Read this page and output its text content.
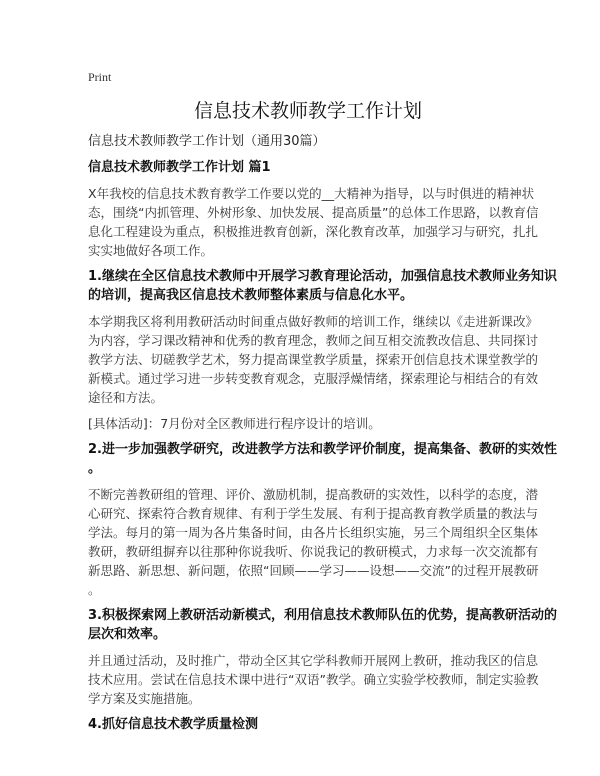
Print
信息技术教师教学工作计划
信息技术教师教学工作计划（通用30篇）
信息技术教师教学工作计划 篇1
X年我校的信息技术教育教学工作要以党的__大精神为指导，以与时俱进的精神状
态，围绕“内抓管理、外树形象、加快发展、提高质量”的总体工作思路，以教育信
息化工程建设为重点，积极推进教育创新，深化教育改革，加强学习与研究，扎扎
实实地做好各项工作。
1.继续在全区信息技术教师中开展学习教育理论活动，加强信息技术教师业务知识
的培训，提高我区信息技术教师整体素质与信息化水平。
本学期我区将利用教研活动时间重点做好教师的培训工作，继续以《走进新课改》
为内容，学习课改精神和优秀的教育理念，教师之间互相交流教改信息、共同探讨
教学方法、切磋教学艺术，努力提高课堂教学质量，探索开创信息技术课堂教学的
新模式。通过学习进一步转变教育观念，克服浮燥情绪，探索理论与相结合的有效
途径和方法。
[具体活动]：7月份对全区教师进行程序设计的培训。
2.进一步加强教学研究，改进教学方法和教学评价制度，提高集备、教研的实效性
。
不断完善教研组的管理、评价、激励机制，提高教研的实效性，以科学的态度，潜
心研究、探索符合教育规律、有利于学生发展、有利于提高教育教学质量的教法与
学法。每月的第一周为各片集备时间，由各片长组织实施，另三个周组织全区集体
教研，教研组摒弃以往那种你说我听、你说我记的教研模式，力求每一次交流都有
新思路、新思想、新问题，依照“回顾——学习——设想——交流”的过程开展教研
。
3.积极探索网上教研活动新模式，利用信息技术教师队伍的优势，提高教研活动的
层次和效率。
并且通过活动，及时推广，带动全区其它学科教师开展网上教研，推动我区的信息
技术应用。尝试在信息技术课中进行“双语”教学。确立实验学校教师，制定实验教
学方案及实施措施。
4.抓好信息技术教学质量检测
